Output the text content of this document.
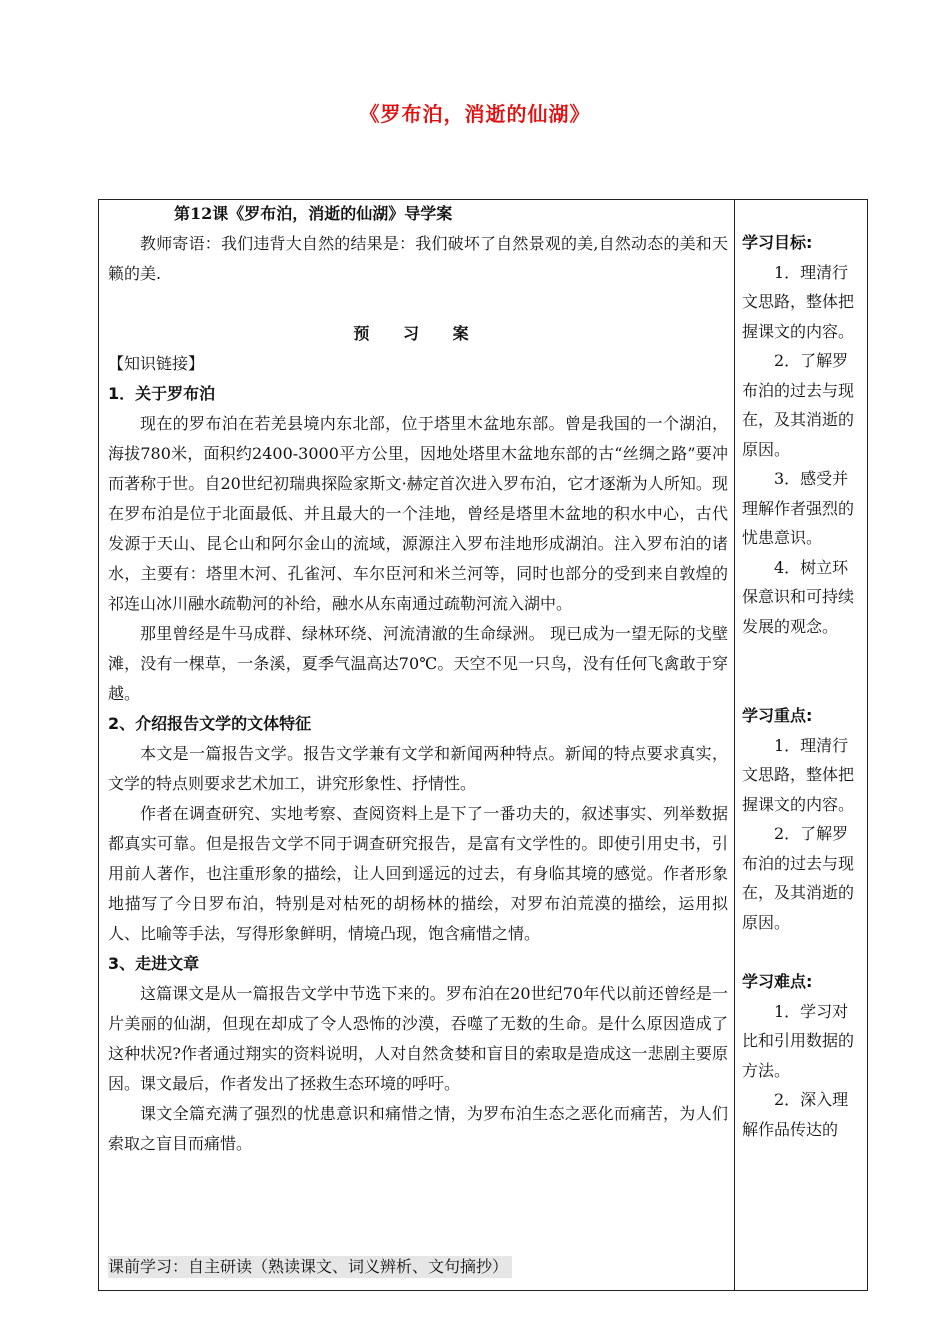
《罗布泊，消逝的仙湖》

第12课《罗布泊，消逝的仙湖》导学案

教师寄语：我们违背大自然的结果是：我们破坏了自然景观的美,自然动态的美和天籁的美.

预 习 案

【知识链接】

1．关于罗布泊

现在的罗布泊在若羌县境内东北部，位于塔里木盆地东部。曾是我国的一个湖泊，海拔780米，面积约2400-3000平方公里，因地处塔里木盆地东部的古“丝绸之路”要冲而著称于世。自20世纪初瑞典探险家斯文·赫定首次进入罗布泊，它才逐渐为人所知。现在罗布泊是位于北面最低、并且最大的一个洼地，曾经是塔里木盆地的积水中心，古代发源于天山、昆仑山和阿尔金山的流域，源源注入罗布洼地形成湖泊。注入罗布泊的诸水，主要有：塔里木河、孔雀河、车尔臣河和米兰河等，同时也部分的受到来自敦煌的祁连山冰川融水疏勒河的补给，融水从东南通过疏勒河流入湖中。

那里曾经是牛马成群、绿林环绕、河流清澈的生命绿洲。 现已成为一望无际的戈壁滩，没有一棵草，一条溪，夏季气温高达70℃。天空不见一只鸟，没有任何飞禽敢于穿越。

2、介绍报告文学的文体特征

本文是一篇报告文学。报告文学兼有文学和新闻两种特点。新闻的特点要求真实，文学的特点则要求艺术加工，讲究形象性、抒情性。

作者在调查研究、实地考察、查阅资料上是下了一番功夫的，叙述事实、列举数据都真实可靠。但是报告文学不同于调查研究报告，是富有文学性的。即使引用史书，引用前人著作，也注重形象的描绘，让人回到遥远的过去，有身临其境的感觉。作者形象地描写了今日罗布泊，特别是对枯死的胡杨林的描绘，对罗布泊荒漠的描绘，运用拟人、比喻等手法，写得形象鲜明，情境凸现，饱含痛惜之情。

3、走进文章

这篇课文是从一篇报告文学中节选下来的。罗布泊在20世纪70年代以前还曾经是一片美丽的仙湖，但现在却成了令人恐怖的沙漠，吞噬了无数的生命。是什么原因造成了这种状况?作者通过翔实的资料说明，人对自然贪婪和盲目的索取是造成这一悲剧主要原因。课文最后，作者发出了拯救生态环境的呼吁。

课文全篇充满了强烈的忧患意识和痛惜之情，为罗布泊生态之恶化而痛苦，为人们索取之盲目而痛惜。

课前学习：自主研读（熟读课文、词义辨析、文句摘抄）

学习目标:

1．理清行文思路，整体把握课文的内容。

2．了解罗布泊的过去与现在，及其消逝的原因。

3．感受并理解作者强烈的忧患意识。

4．树立环保意识和可持续发展的观念。

学习重点:

1．理清行文思路，整体把握课文的内容。

2．了解罗布泊的过去与现在，及其消逝的原因。

学习难点:

1．学习对比和引用数据的方法。

2．深入理解作品传达的
